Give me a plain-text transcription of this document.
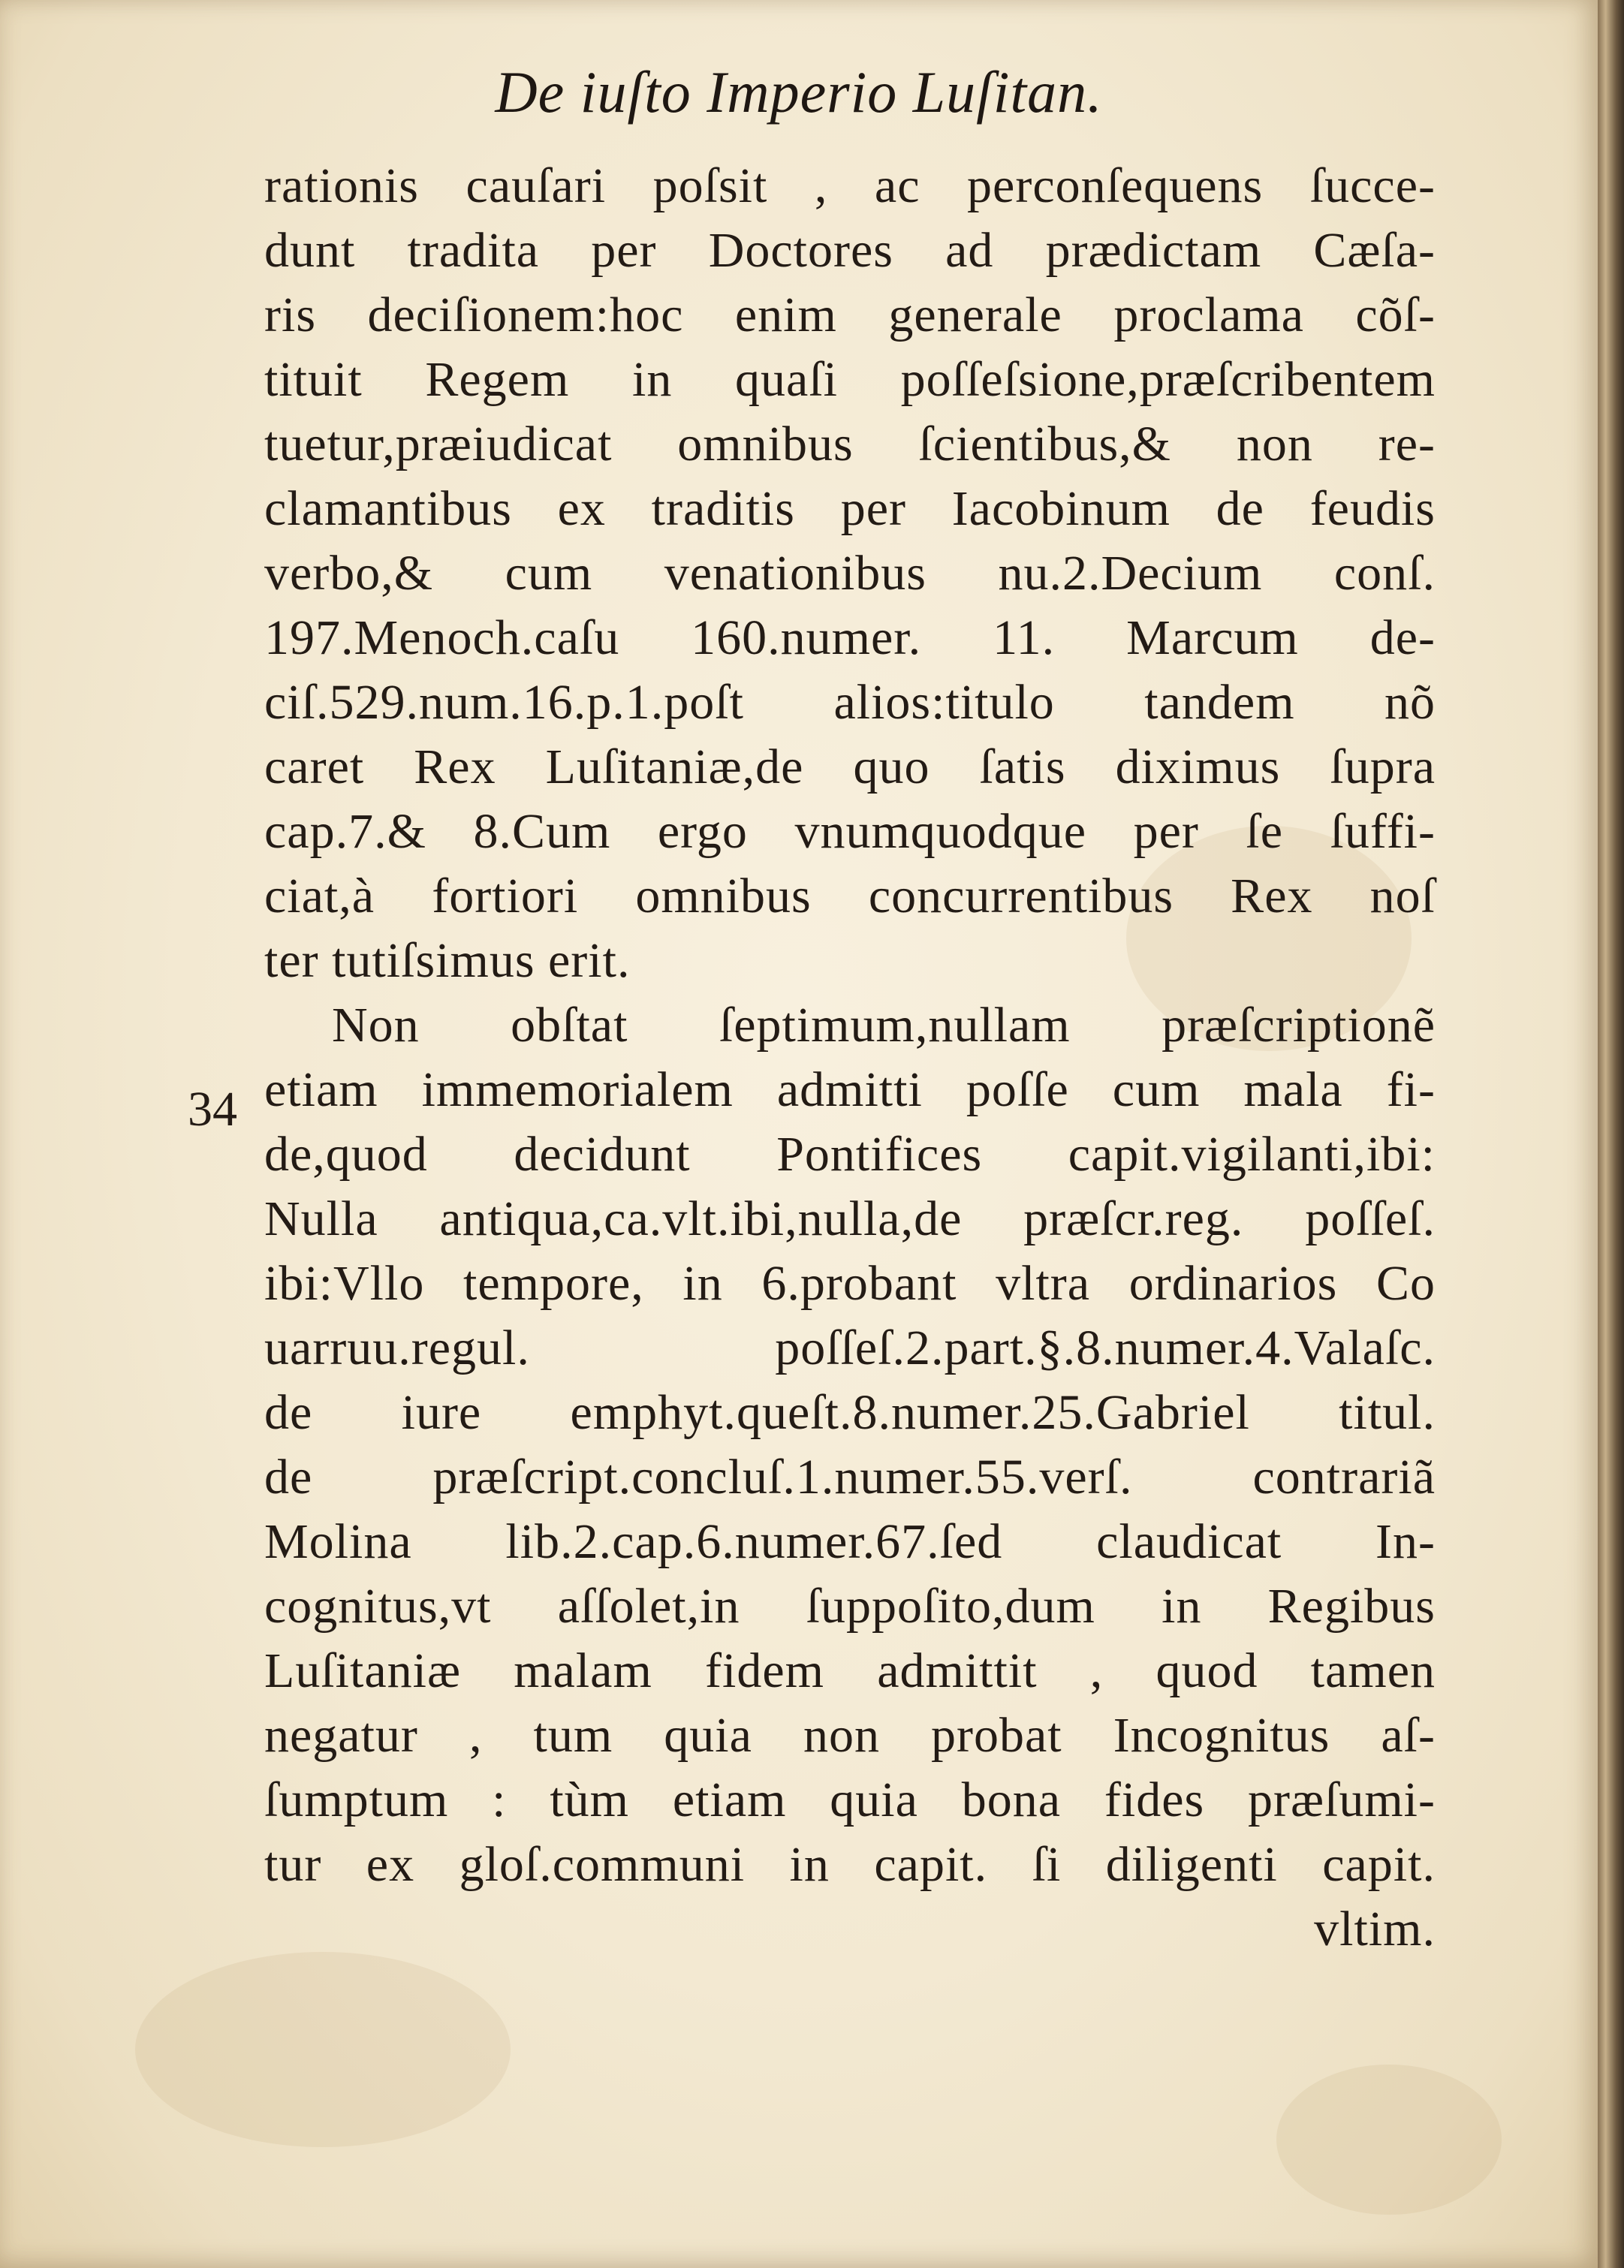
De iuſto Imperio Luſitan.
34
rationis cauſari poſsit , ac perconſequens ſucce-
dunt tradita per Doctores ad prædictam Cæſa-
ris deciſionem:hoc enim generale proclama cõſ-
tituit Regem in quaſi poſſeſsione,præſcribentem
tuetur,præiudicat omnibus ſcientibus,& non re-
clamantibus ex traditis per Iacobinum de feudis
verbo,& cum venationibus nu.2.Decium conſ.
197.Menoch.caſu 160.numer. 11. Marcum de-
ciſ.529.num.16.p.1.poſt alios:titulo tandem nõ
caret Rex Luſitaniæ,de quo ſatis diximus ſupra
cap.7.& 8.Cum ergo vnumquodque per ſe ſuffi-
ciat,à fortiori omnibus concurrentibus Rex noſ
ter tutiſsimus erit.
Non obſtat ſeptimum,nullam præſcriptionẽ
etiam immemorialem admitti poſſe cum mala fi-
de,quod decidunt Pontifices capit.vigilanti,ibi:
Nulla antiqua,ca.vlt.ibi,nulla,de præſcr.reg. poſſeſ.
ibi:Vllo tempore, in 6.probant vltra ordinarios Co
uarruu.regul. poſſeſ.2.part.§.8.numer.4.Valaſc.
de iure emphyt.queſt.8.numer.25.Gabriel titul.
de præſcript.concluſ.1.numer.55.verſ. contrariã
Molina lib.2.cap.6.numer.67.ſed claudicat In-
cognitus,vt aſſolet,in ſuppoſito,dum in Regibus
Luſitaniæ malam fidem admittit , quod tamen
negatur , tum quia non probat Incognitus aſ-
ſumptum : tùm etiam quia bona fides præſumi-
tur ex gloſ.communi in capit. ſi diligenti capit.
vltim.
